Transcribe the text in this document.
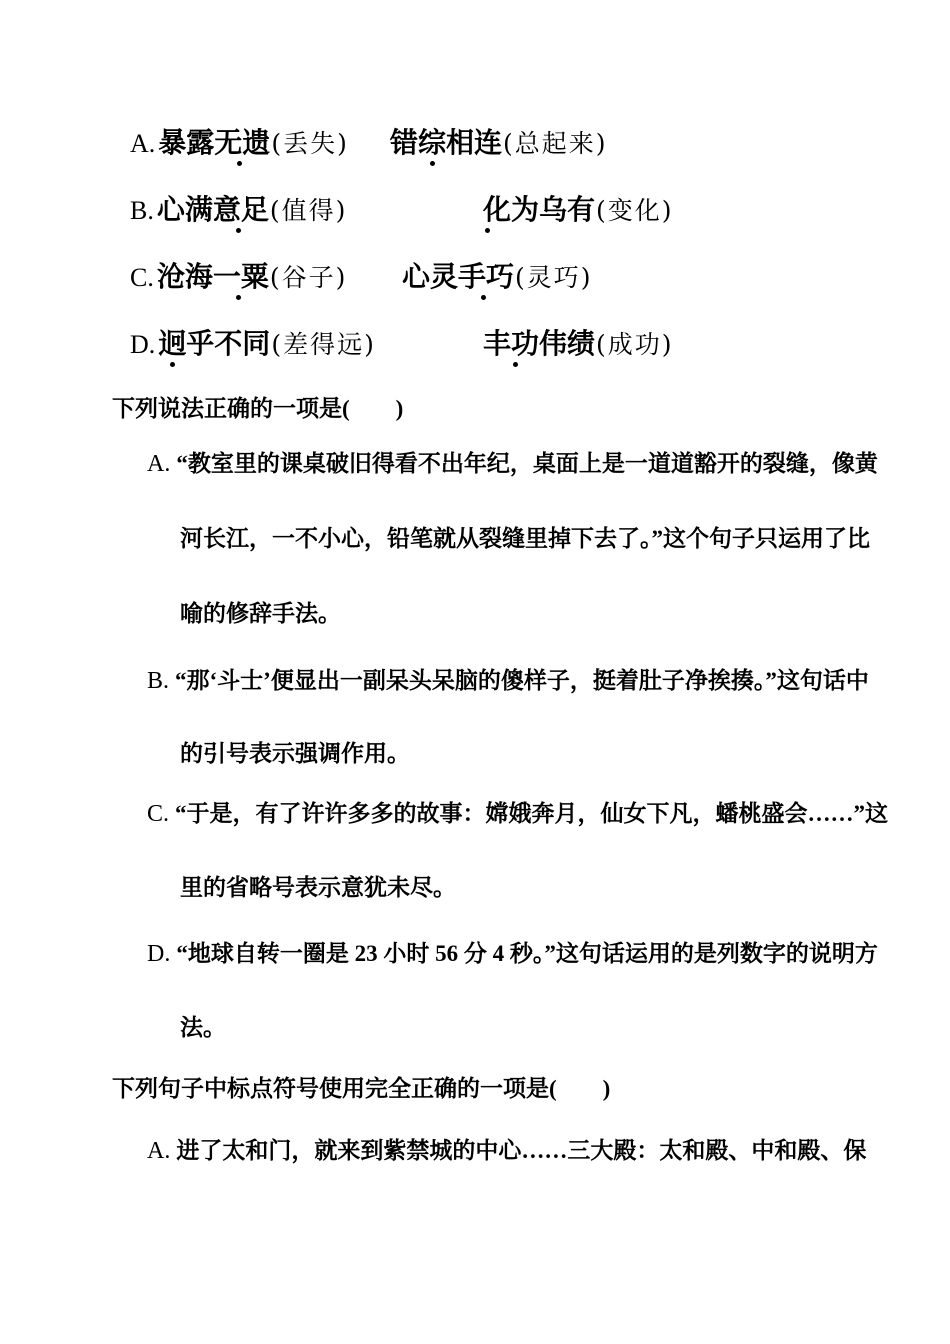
A. 暴露无遗(丢失) 错综相连(总起来)
B. 心满意足(值得)	化为乌有(变化)
C. 沧海一粟(谷子) 心灵手巧(灵巧)
D. 迥乎不同(差得远)	丰功伟绩(成功)
下列说法正确的一项是(　　)
A. “教室里的课桌破旧得看不出年纪，桌面上是一道道豁开的裂缝，像黄
河长江，一不小心，铅笔就从裂缝里掉下去了。”这个句子只运用了比
喻的修辞手法。
B. “那‘斗士’便显出一副呆头呆脑的傻样子，挺着肚子净挨揍。”这句话中
的引号表示强调作用。
C. “于是，有了许许多多的故事：嫦娥奔月，仙女下凡，蟠桃盛会……”这
里的省略号表示意犹未尽。
D. “地球自转一圈是 23 小时 56 分 4 秒。”这句话运用的是列数字的说明方
法。
下列句子中标点符号使用完全正确的一项是(　　)
A. 进了太和门，就来到紫禁城的中心……三大殿：太和殿、中和殿、保
